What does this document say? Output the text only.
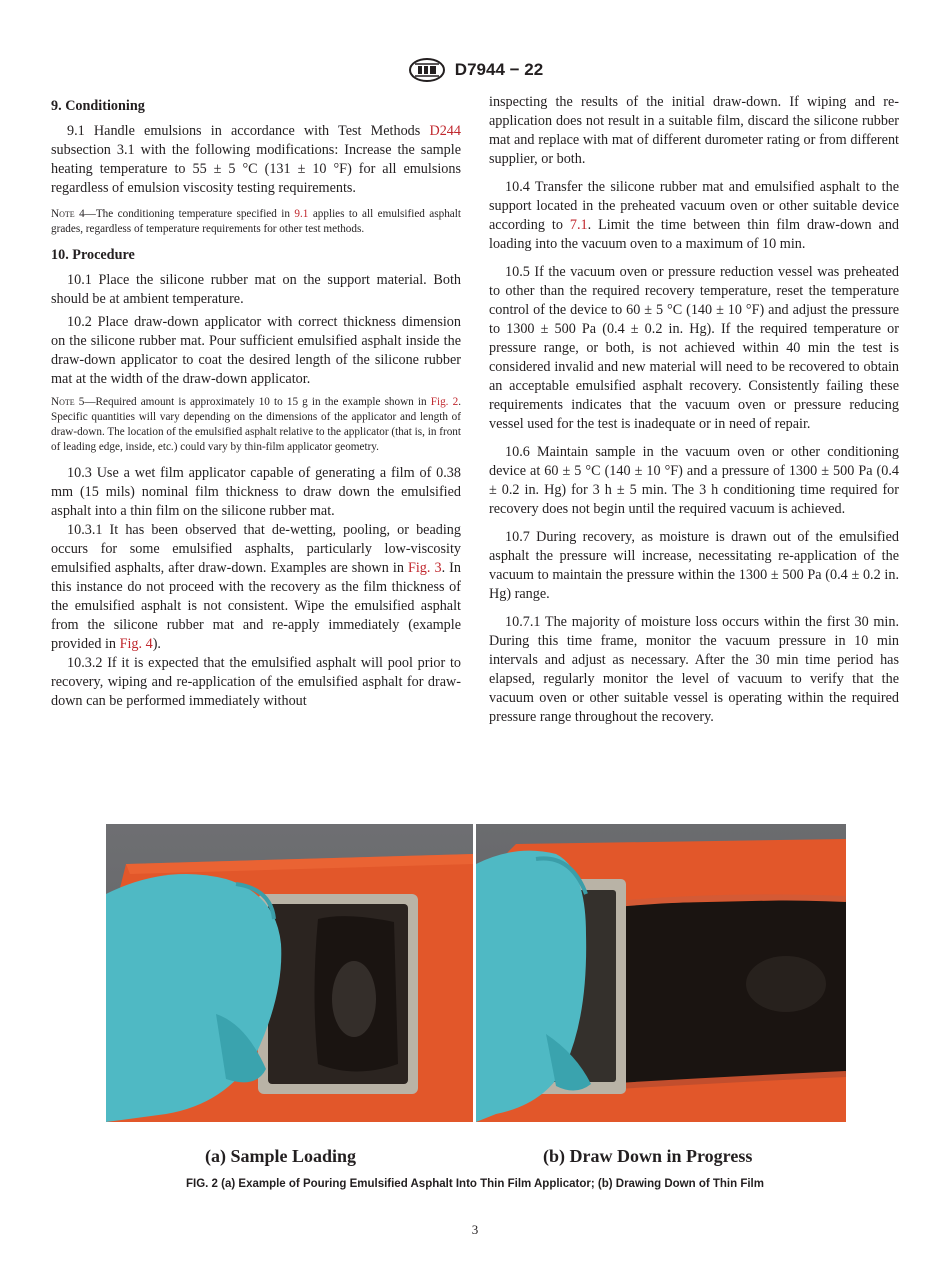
D7944 − 22
9. Conditioning

9.1 Handle emulsions in accordance with Test Methods D244 subsection 3.1 with the following modifications: Increase the sample heating temperature to 55 ± 5 °C (131 ± 10 °F) for all emulsions regardless of emulsion viscosity testing requirements.

Note 4—The conditioning temperature specified in 9.1 applies to all emulsified asphalt grades, regardless of temperature requirements for other test methods.

10. Procedure

10.1 Place the silicone rubber mat on the support material. Both should be at ambient temperature.

10.2 Place draw-down applicator with correct thickness dimension on the silicone rubber mat. Pour sufficient emulsified asphalt inside the draw-down applicator to coat the desired length of the silicone rubber mat at the width of the draw-down applicator.

Note 5—Required amount is approximately 10 to 15 g in the example shown in Fig. 2. Specific quantities will vary depending on the dimensions of the applicator and length of draw-down. The location of the emulsified asphalt relative to the applicator (that is, in front of leading edge, inside, etc.) could vary by thin-film applicator geometry.

10.3 Use a wet film applicator capable of generating a film of 0.38 mm (15 mils) nominal film thickness to draw down the emulsified asphalt into a thin film on the silicone rubber mat.

10.3.1 It has been observed that de-wetting, pooling, or beading occurs for some emulsified asphalts, particularly low-viscosity emulsified asphalts, after draw-down. Examples are shown in Fig. 3. In this instance do not proceed with the recovery as the film thickness of the emulsified asphalt is not consistent. Wipe the emulsified asphalt from the silicone rubber mat and re-apply immediately (example provided in Fig. 4).

10.3.2 If it is expected that the emulsified asphalt will pool prior to recovery, wiping and re-application of the emulsified asphalt for draw-down can be performed immediately without

inspecting the results of the initial draw-down. If wiping and re-application does not result in a suitable film, discard the silicone rubber mat and replace with mat of different durometer rating or from different supplier, or both.

10.4 Transfer the silicone rubber mat and emulsified asphalt to the support located in the preheated vacuum oven or other suitable device according to 7.1. Limit the time between thin film draw-down and loading into the vacuum oven to a maximum of 10 min.

10.5 If the vacuum oven or pressure reduction vessel was preheated to other than the required recovery temperature, reset the temperature control of the device to 60 ± 5 °C (140 ± 10 °F) and adjust the pressure to 1300 ± 500 Pa (0.4 ± 0.2 in. Hg). If the required temperature or pressure range, or both, is not achieved within 40 min the test is considered invalid and new material will need to be recovered to obtain an acceptable emulsified asphalt recovery. Consistently failing these requirements indicates that the vacuum oven or pressure reducing vessel used for the test is inadequate or in need of repair.

10.6 Maintain sample in the vacuum oven or other conditioning device at 60 ± 5 °C (140 ± 10 °F) and a pressure of 1300 ± 500 Pa (0.4 ± 0.2 in. Hg) for 3 h ± 5 min. The 3 h conditioning time required for recovery does not begin until the required vacuum is achieved.

10.7 During recovery, as moisture is drawn out of the emulsified asphalt the pressure will increase, necessitating re-application of the vacuum to maintain the pressure within the 1300 ± 500 Pa (0.4 ± 0.2 in. Hg) range.

10.7.1 The majority of moisture loss occurs within the first 30 min. During this time frame, monitor the vacuum pressure in 10 min intervals and adjust as necessary. After the 30 min time period has elapsed, regularly monitor the level of vacuum to verify that the vacuum oven or other suitable vessel is operating within the required pressure range throughout the recovery.

(a) Sample Loading	(b) Draw Down in Progress
FIG. 2 (a) Example of Pouring Emulsified Asphalt Into Thin Film Applicator; (b) Drawing Down of Thin Film
3
